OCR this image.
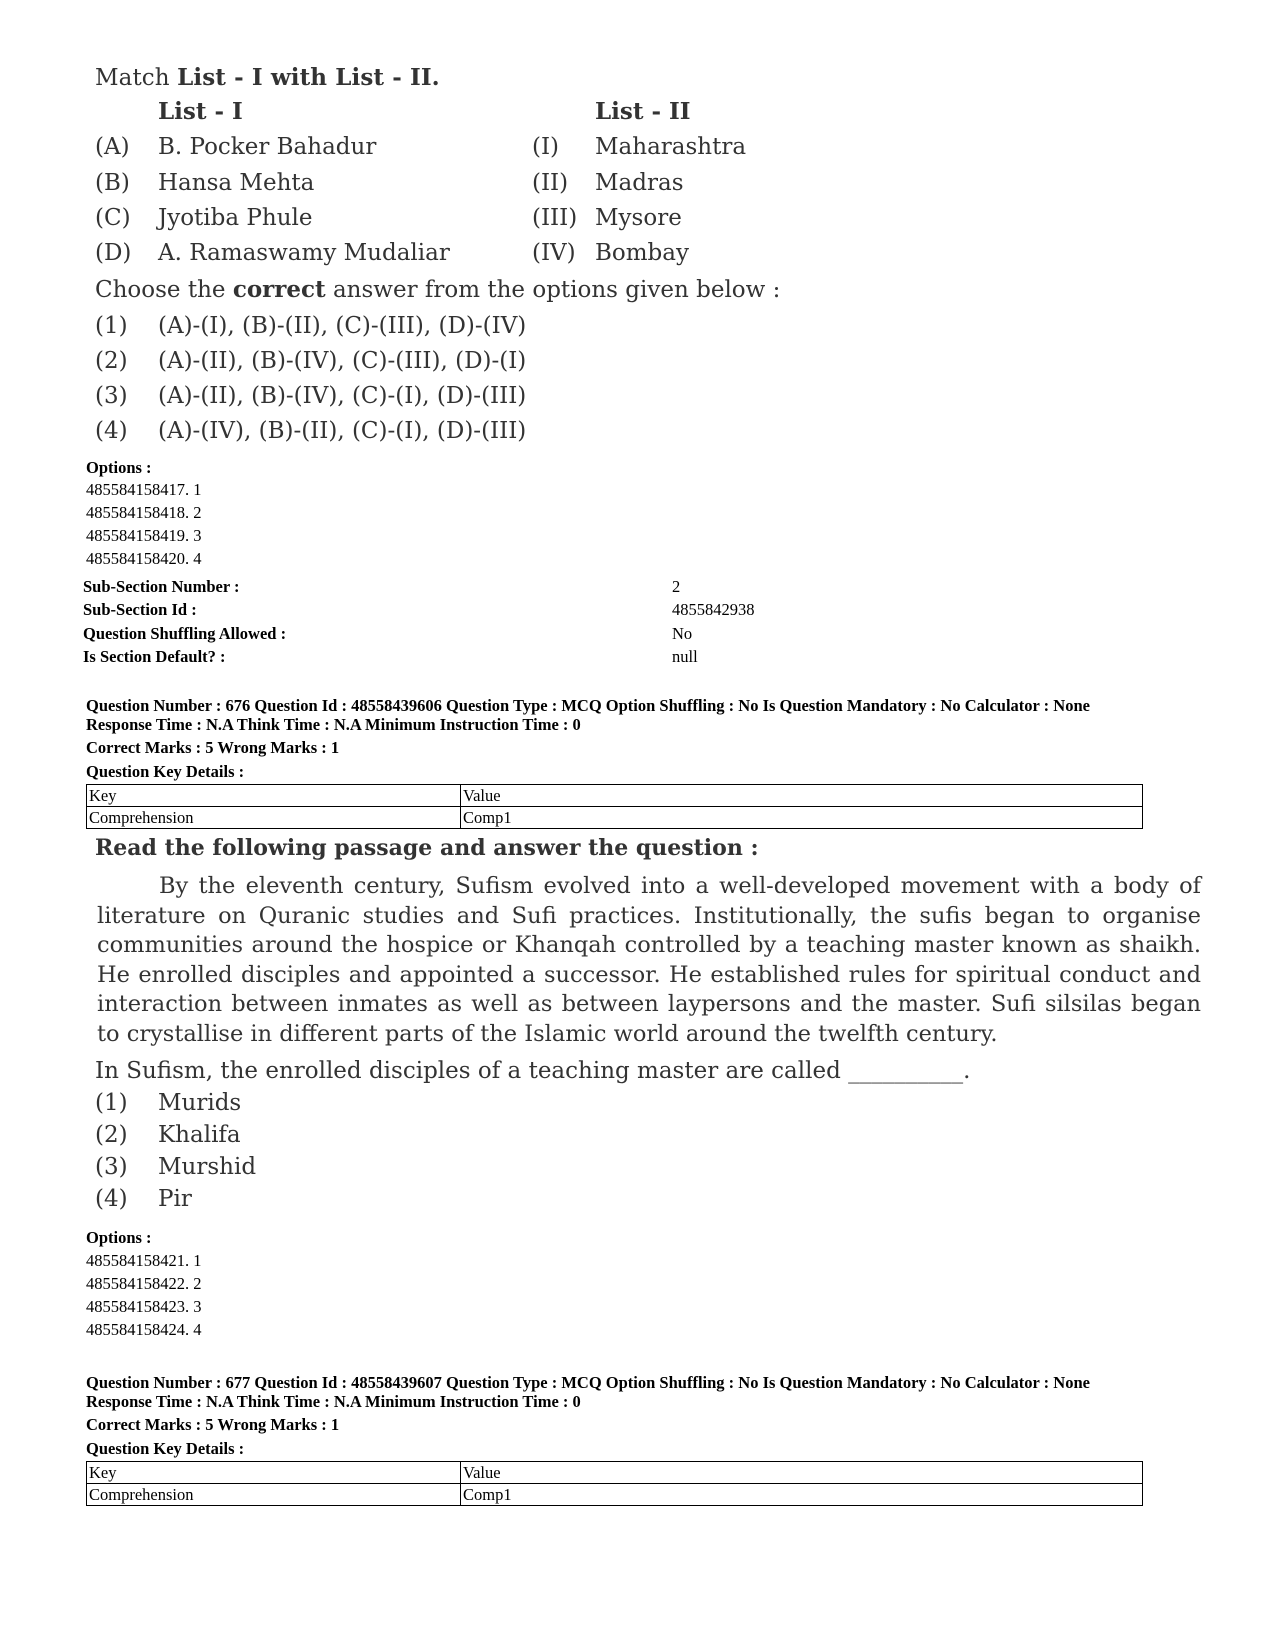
Match List - I with List - II.
List - I	List - II
(A) B. Pocker Bahadur	(I) Maharashtra
(B) Hansa Mehta	(II) Madras
(C) Jyotiba Phule	(III) Mysore
(D) A. Ramaswamy Mudaliar	(IV) Bombay
Choose the correct answer from the options given below :
(1) (A)-(I), (B)-(II), (C)-(III), (D)-(IV)
(2) (A)-(II), (B)-(IV), (C)-(III), (D)-(I)
(3) (A)-(II), (B)-(IV), (C)-(I), (D)-(III)
(4) (A)-(IV), (B)-(II), (C)-(I), (D)-(III)
Options :
485584158417. 1
485584158418. 2
485584158419. 3
485584158420. 4
Sub-Section Number :	2
Sub-Section Id :	4855842938
Question Shuffling Allowed :	No
Is Section Default? :	null
Question Number : 676 Question Id : 48558439606 Question Type : MCQ Option Shuffling : No Is Question Mandatory : No Calculator : None
Response Time : N.A Think Time : N.A Minimum Instruction Time : 0
Correct Marks : 5 Wrong Marks : 1
Question Key Details :
Key	Value
Comprehension	Comp1
Read the following passage and answer the question :
By the eleventh century, Sufism evolved into a well-developed movement with a body of literature on Quranic studies and Sufi practices. Institutionally, the sufis began to organise communities around the hospice or Khanqah controlled by a teaching master known as shaikh. He enrolled disciples and appointed a successor. He established rules for spiritual conduct and interaction between inmates as well as between laypersons and the master. Sufi silsilas began to crystallise in different parts of the Islamic world around the twelfth century.
In Sufism, the enrolled disciples of a teaching master are called __________.
(1) Murids
(2) Khalifa
(3) Murshid
(4) Pir
Options :
485584158421. 1
485584158422. 2
485584158423. 3
485584158424. 4
Question Number : 677 Question Id : 48558439607 Question Type : MCQ Option Shuffling : No Is Question Mandatory : No Calculator : None
Response Time : N.A Think Time : N.A Minimum Instruction Time : 0
Correct Marks : 5 Wrong Marks : 1
Question Key Details :
Key	Value
Comprehension	Comp1
